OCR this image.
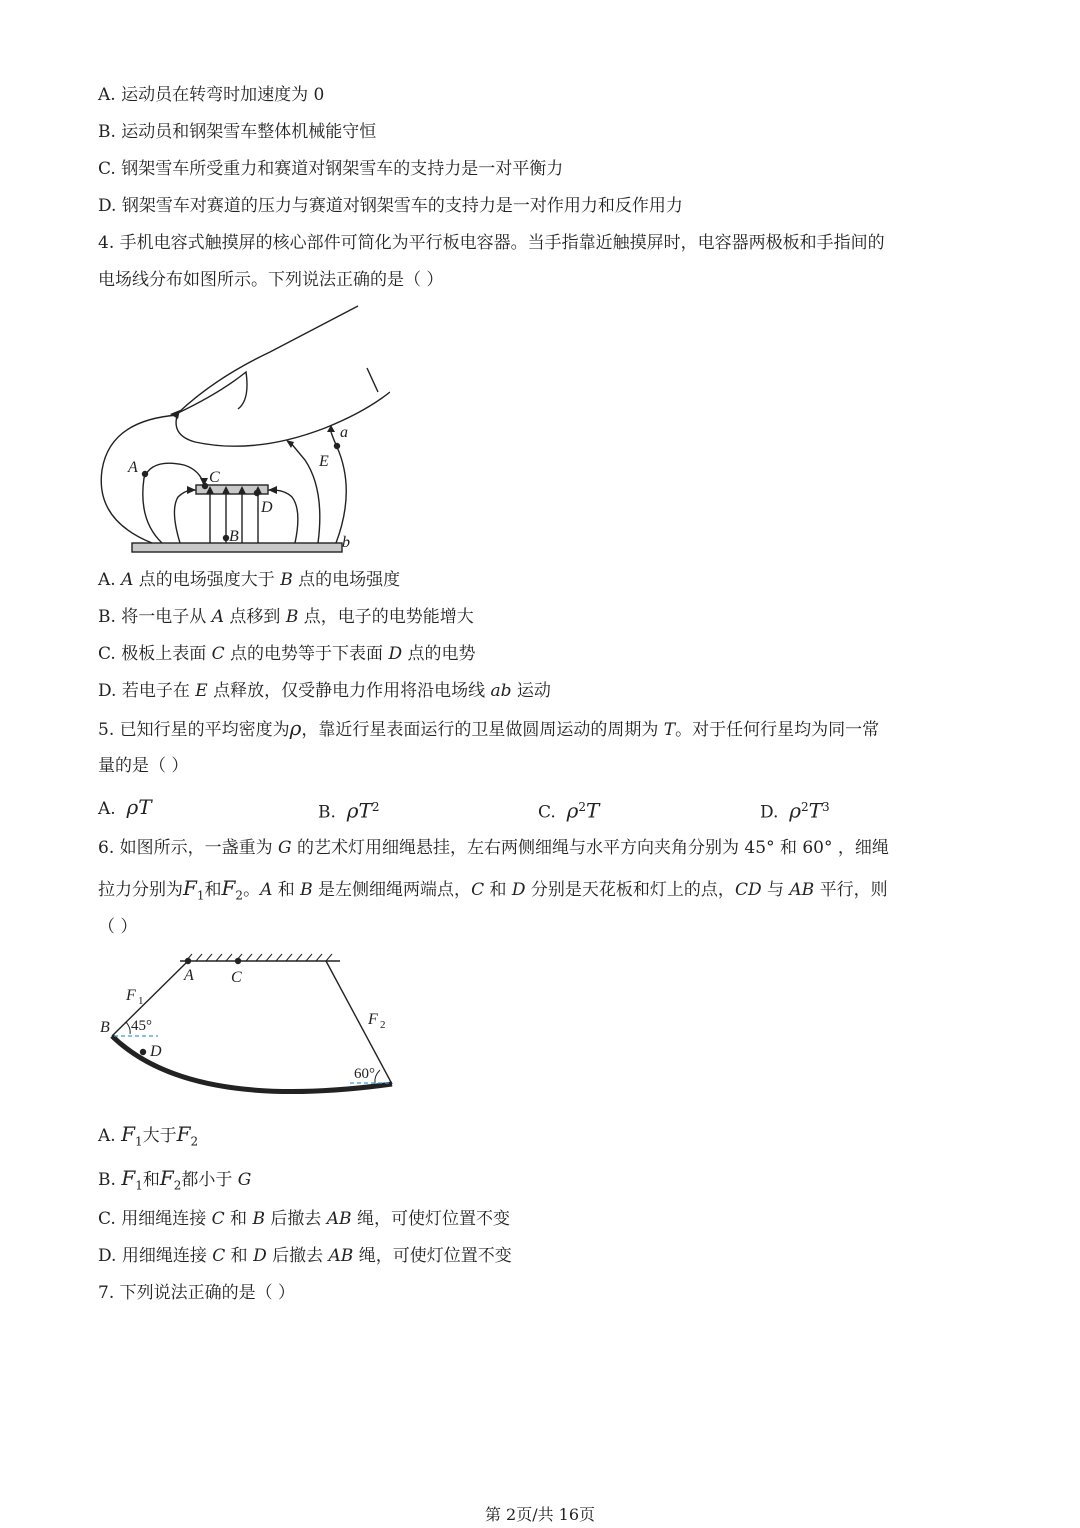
A. 运动员在转弯时加速度为 0
B. 运动员和钢架雪车整体机械能守恒
C. 钢架雪车所受重力和赛道对钢架雪车的支持力是一对平衡力
D. 钢架雪车对赛道的压力与赛道对钢架雪车的支持力是一对作用力和反作用力
4. 手机电容式触摸屏的核心部件可简化为平行板电容器。当手指靠近触摸屏时，电容器两极板和手指间的
电场线分布如图所示。下列说法正确的是（ ）
A
C
D
B
E
a
b
A. A 点的电场强度大于 B 点的电场强度
B. 将一电子从 A 点移到 B 点，电子的电势能增大
C. 极板上表面 C 点的电势等于下表面 D 点的电势
D. 若电子在 E 点释放，仅受静电力作用将沿电场线 ab 运动
5. 已知行星的平均密度为ρ，靠近行星表面运行的卫星做圆周运动的周期为 T。对于任何行星均为同一常
量的是（ ）
A. ρT	B. $\rho T^2$	C. $\rho^2T$	D. $\rho^2T^3$
6. 如图所示，一盏重为 G 的艺术灯用细绳悬挂，左右两侧细绳与水平方向夹角分别为 45° 和 60° ，细绳
拉力分别为$F_1$和$F_2$。A 和 B 是左侧细绳两端点，C 和 D 分别是天花板和灯上的点，CD 与 AB 平行，则
（ ）
A C
B
D
F 1
F 2
45°
60°
A. $F_1$大于$F_2$
B. $F_1$和$F_2$都小于 G
C. 用细绳连接 C 和 B 后撤去 AB 绳，可使灯位置不变
D. 用细绳连接 C 和 D 后撤去 AB 绳，可使灯位置不变
7. 下列说法正确的是（ ）
第 2页/共 16页
